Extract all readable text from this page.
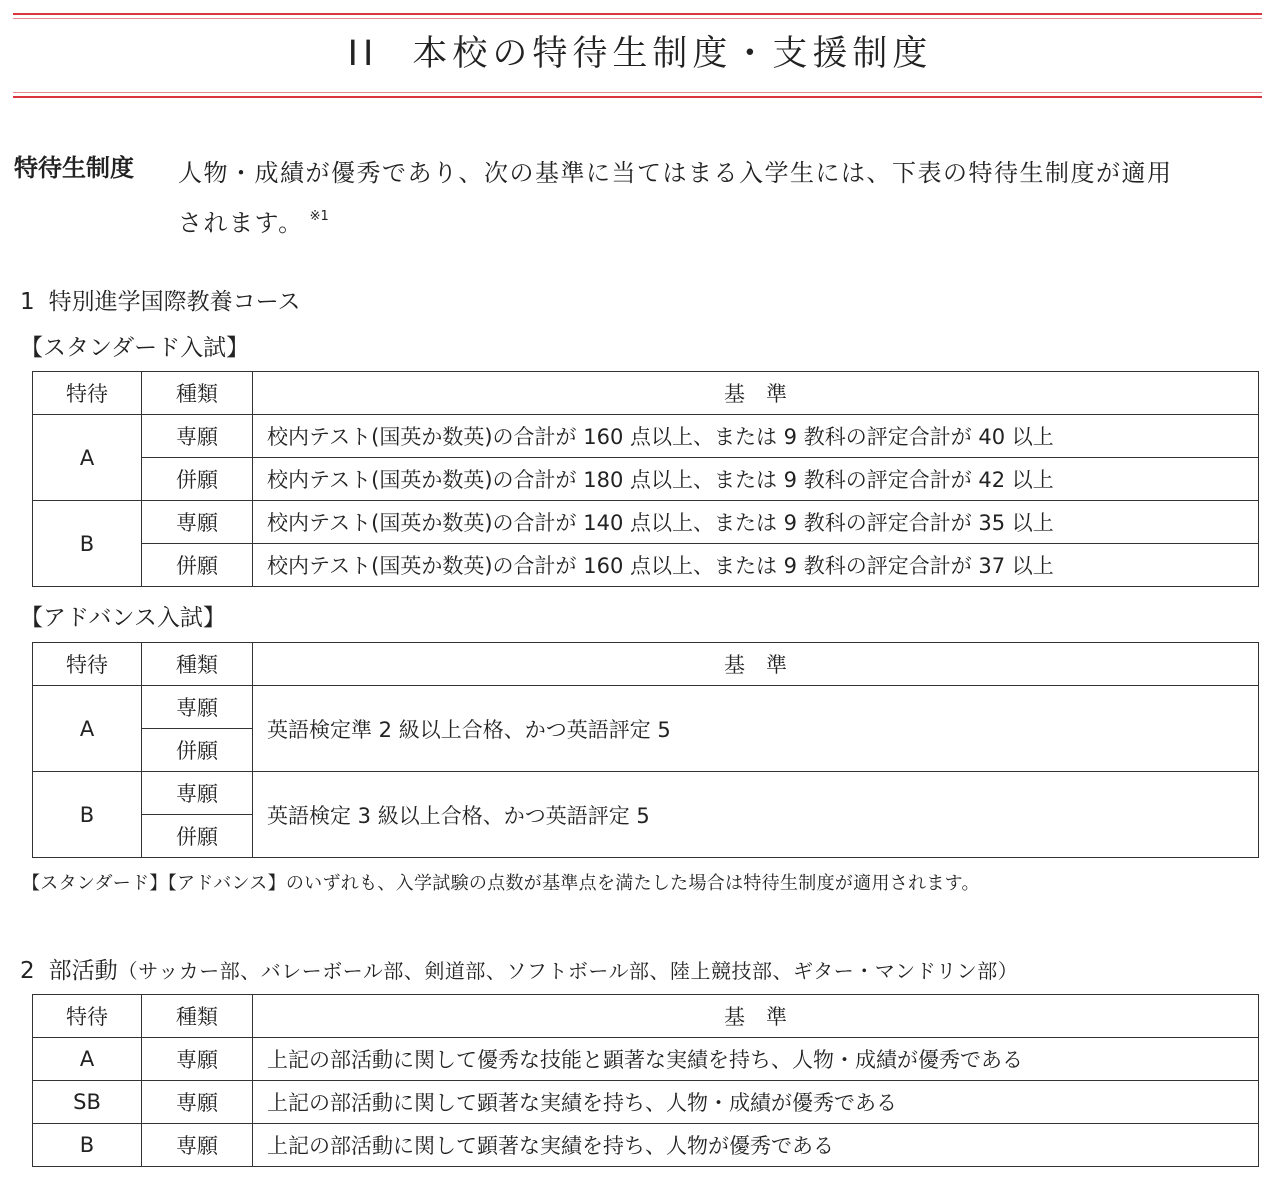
II 本校の特待生制度・支援制度
特待生制度 人物・成績が優秀であり、次の基準に当てはまる入学生には、下表の特待生制度が適用
されます。 $^{※1}$
1 特別進学国際教養コース
【スタンダード入試】
特待	種類	基　準
A	専願	校内テスト(国英か数英)の合計が 160 点以上、または 9 教科の評定合計が 40 以上
	併願	校内テスト(国英か数英)の合計が 180 点以上、または 9 教科の評定合計が 42 以上
B	専願	校内テスト(国英か数英)の合計が 140 点以上、または 9 教科の評定合計が 35 以上
	併願	校内テスト(国英か数英)の合計が 160 点以上、または 9 教科の評定合計が 37 以上
【アドバンス入試】
特待	種類	基　準
A	専願	英語検定準 2 級以上合格、かつ英語評定 5
	併願	
B	専願	英語検定 3 級以上合格、かつ英語評定 5
	併願	
【スタンダード】【アドバンス】のいずれも、入学試験の点数が基準点を満たした場合は特待生制度が適用されます。
2 部活動（サッカー部、バレーボール部、剣道部、ソフトボール部、陸上競技部、ギター・マンドリン部）
特待	種類	基　準
A	専願	上記の部活動に関して優秀な技能と顕著な実績を持ち、人物・成績が優秀である
SB	専願	上記の部活動に関して顕著な実績を持ち、人物・成績が優秀である
B	専願	上記の部活動に関して顕著な実績を持ち、人物が優秀である
